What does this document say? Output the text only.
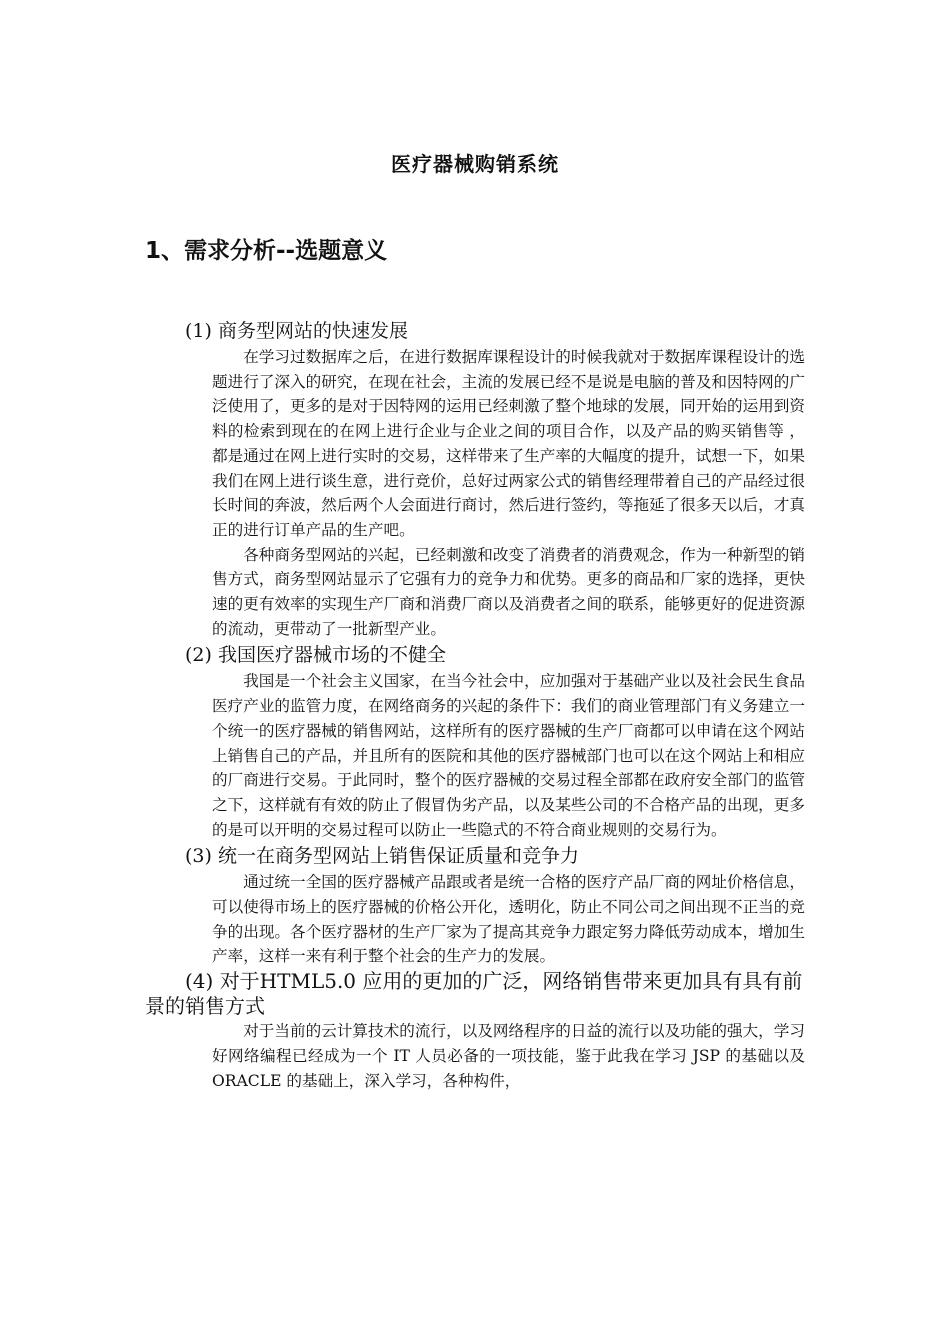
医疗器械购销系统
1、需求分析--选题意义
(1) 商务型网站的快速发展

在学习过数据库之后，在进行数据库课程设计的时候我就对于数据库课程设计的选题进行了深入的研究，在现在社会，主流的发展已经不是说是电脑的普及和因特网的广泛使用了，更多的是对于因特网的运用已经刺激了整个地球的发展，同开始的运用到资料的检索到现在的在网上进行企业与企业之间的项目合作，以及产品的购买销售等 ，都是通过在网上进行实时的交易，这样带来了生产率的大幅度的提升，试想一下，如果我们在网上进行谈生意，进行竞价，总好过两家公式的销售经理带着自己的产品经过很长时间的奔波，然后两个人会面进行商讨，然后进行签约，等拖延了很多天以后，才真正的进行订单产品的生产吧。

各种商务型网站的兴起，已经刺激和改变了消费者的消费观念，作为一种新型的销售方式，商务型网站显示了它强有力的竞争力和优势。更多的商品和厂家的选择，更快速的更有效率的实现生产厂商和消费厂商以及消费者之间的联系，能够更好的促进资源的流动，更带动了一批新型产业。

(2) 我国医疗器械市场的不健全

我国是一个社会主义国家，在当今社会中，应加强对于基础产业以及社会民生食品医疗产业的监管力度，在网络商务的兴起的条件下：我们的商业管理部门有义务建立一个统一的医疗器械的销售网站，这样所有的医疗器械的生产厂商都可以申请在这个网站上销售自己的产品，并且所有的医院和其他的医疗器械部门也可以在这个网站上和相应的厂商进行交易。于此同时，整个的医疗器械的交易过程全部都在政府安全部门的监管之下，这样就有有效的防止了假冒伪劣产品，以及某些公司的不合格产品的出现，更多的是可以开明的交易过程可以防止一些隐式的不符合商业规则的交易行为。

(3) 统一在商务型网站上销售保证质量和竞争力

通过统一全国的医疗器械产品跟或者是统一合格的医疗产品厂商的网址价格信息，可以使得市场上的医疗器械的价格公开化，透明化，防止不同公司之间出现不正当的竞争的出现。各个医疗器材的生产厂家为了提高其竞争力跟定努力降低劳动成本，增加生产率，这样一来有利于整个社会的生产力的发展。

(4) 对于HTML5.0 应用的更加的广泛，网络销售带来更加具有具有前景的销售方式

对于当前的云计算技术的流行，以及网络程序的日益的流行以及功能的强大，学习好网络编程已经成为一个 IT 人员必备的一项技能，鉴于此我在学习 JSP 的基础以及 ORACLE 的基础上，深入学习，各种构件，
